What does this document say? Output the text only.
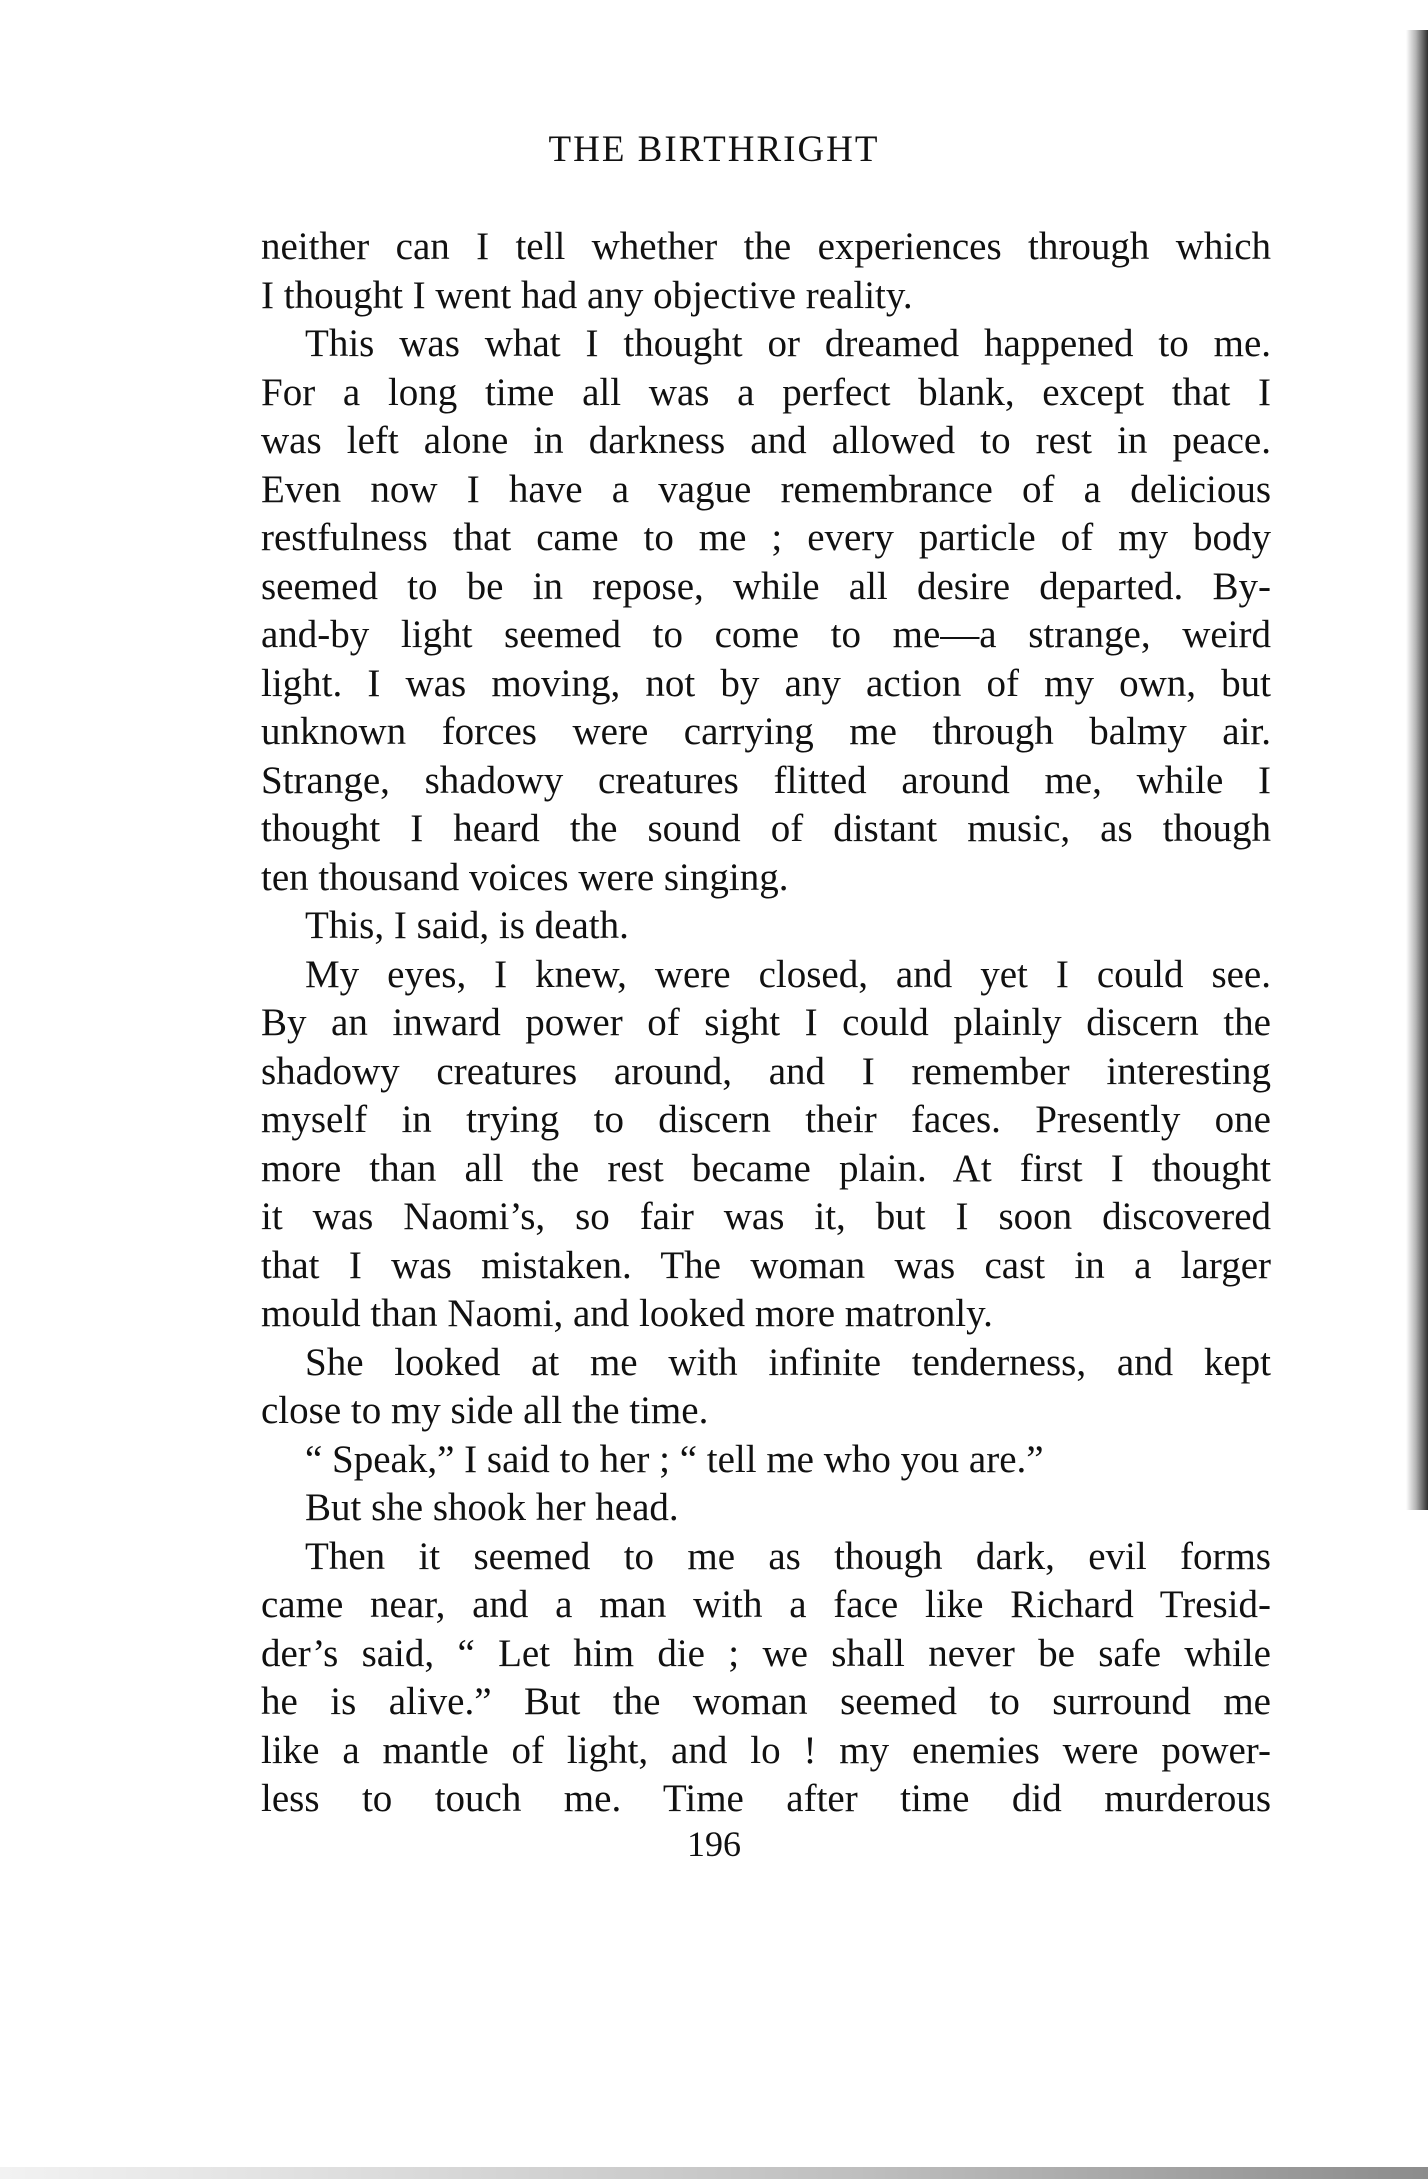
THE BIRTHRIGHT
neither can I tell whether the experiences through which
I thought I went had any objective reality.
This was what I thought or dreamed happened to me.
For a long time all was a perfect blank, except that I
was left alone in darkness and allowed to rest in peace.
Even now I have a vague remembrance of a delicious
restfulness that came to me ; every particle of my body
seemed to be in repose, while all desire departed. By-
and-by light seemed to come to me—a strange, weird
light. I was moving, not by any action of my own, but
unknown forces were carrying me through balmy air.
Strange, shadowy creatures flitted around me, while I
thought I heard the sound of distant music, as though
ten thousand voices were singing.
This, I said, is death.
My eyes, I knew, were closed, and yet I could see.
By an inward power of sight I could plainly discern the
shadowy creatures around, and I remember interesting
myself in trying to discern their faces. Presently one
more than all the rest became plain. At first I thought
it was Naomi’s, so fair was it, but I soon discovered
that I was mistaken. The woman was cast in a larger
mould than Naomi, and looked more matronly.
She looked at me with infinite tenderness, and kept
close to my side all the time.
“ Speak,” I said to her ; “ tell me who you are.”
But she shook her head.
Then it seemed to me as though dark, evil forms
came near, and a man with a face like Richard Tresid-
der’s said, “ Let him die ; we shall never be safe while
he is alive.” But the woman seemed to surround me
like a mantle of light, and lo ! my enemies were power-
less to touch me. Time after time did murderous
196
